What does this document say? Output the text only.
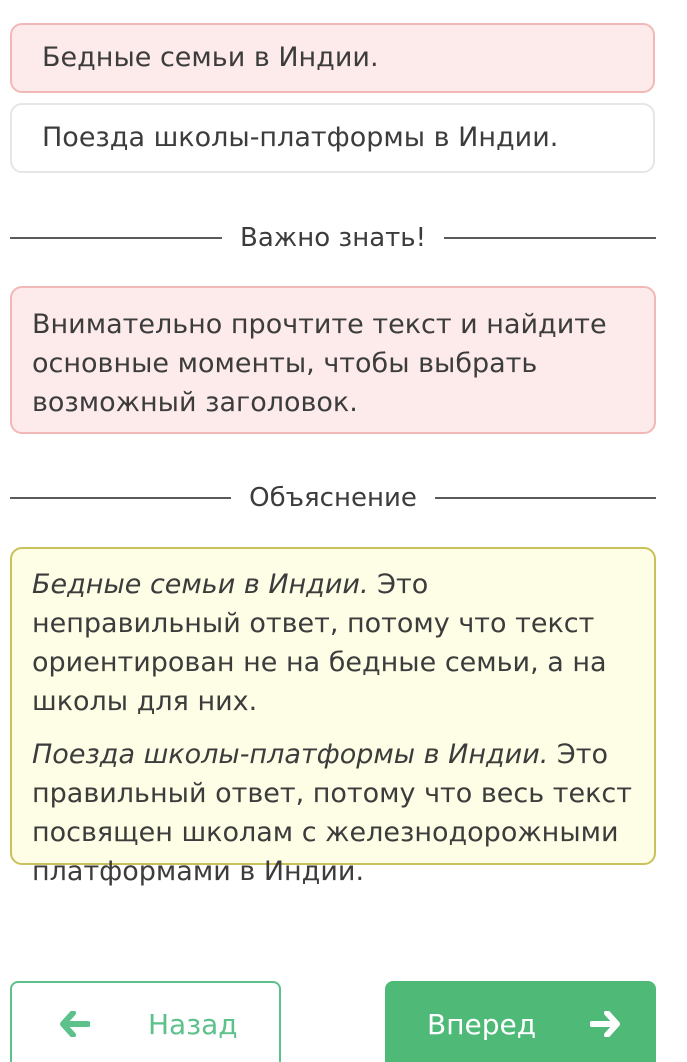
Бедные семьи в Индии.
Поезда школы-платформы в Индии.
Важно знать!
Внимательно прочтите текст и найдите основные моменты, чтобы выбрать возможный заголовок.
Объяснение

Бедные семьи в Индии. Это неправильный ответ, потому что текст ориентирован не на бедные семьи, а на школы для них.

Поезда школы-платформы в Индии. Это правильный ответ, потому что весь текст посвящен школам с железнодорожными платформами в Индии.

Назад	Вперед
